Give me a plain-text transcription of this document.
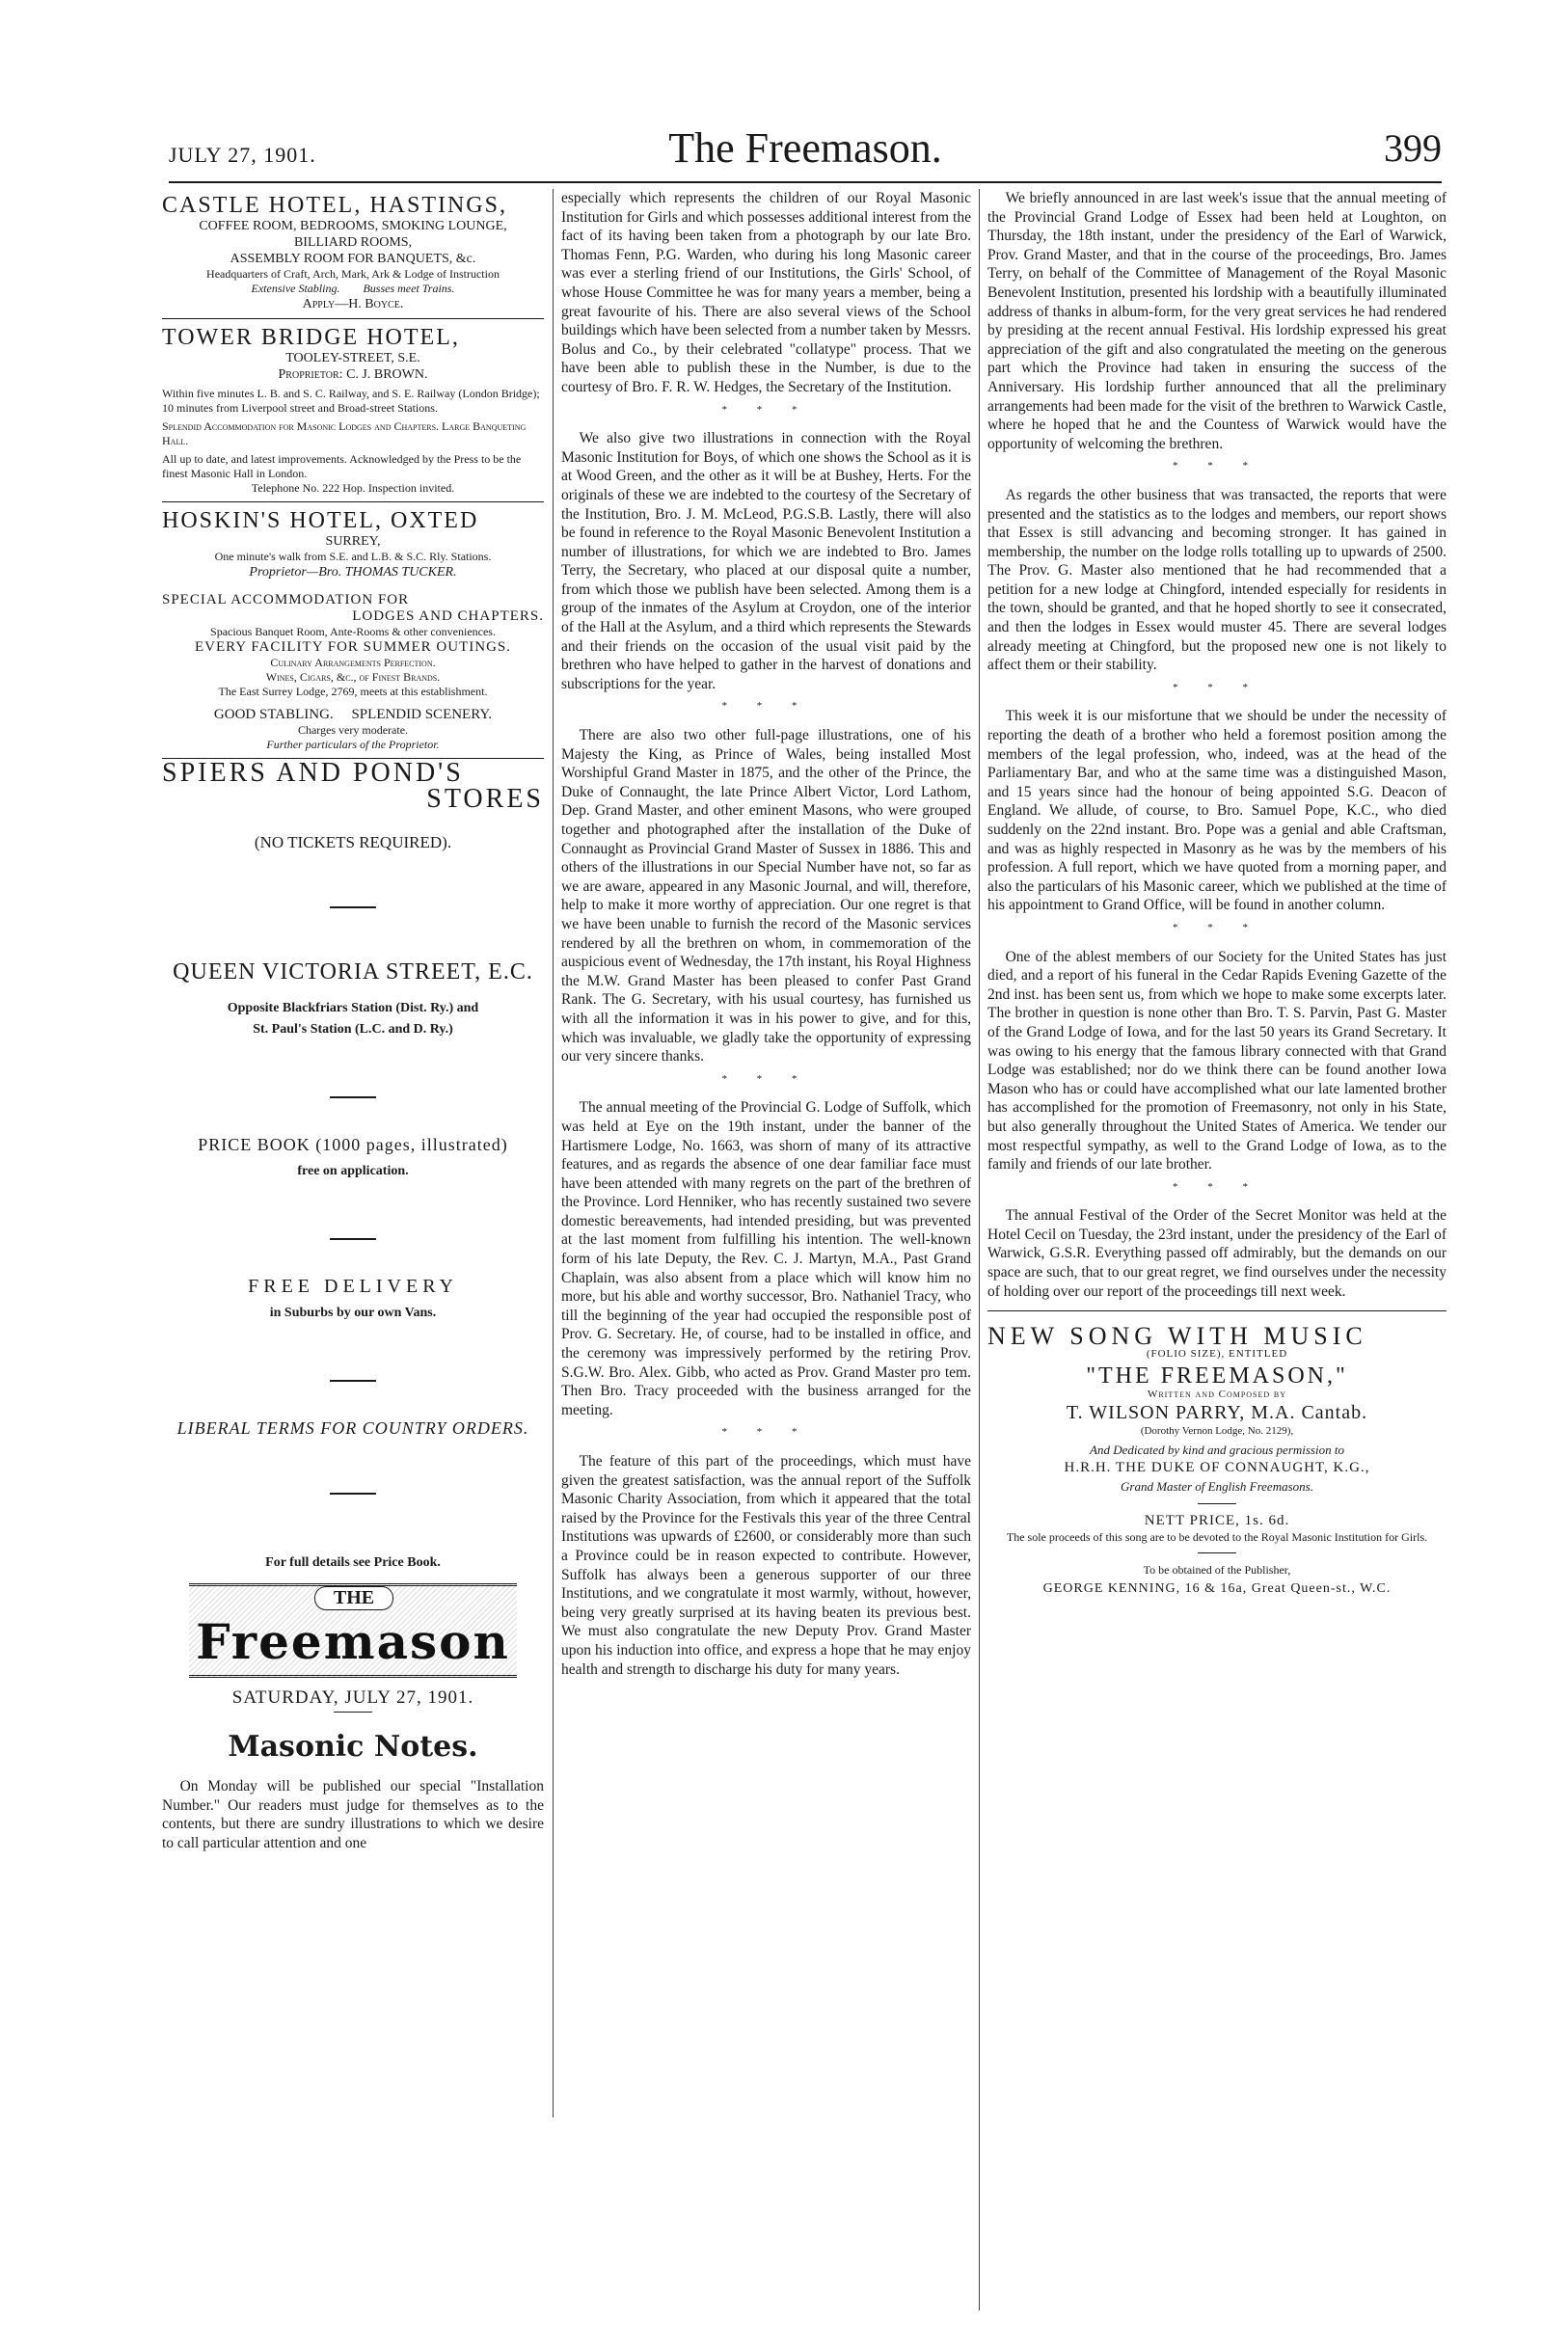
JULY 27, 1901.	The Freemason.	399
CASTLE HOTEL, HASTINGS,
COFFEE ROOM, BEDROOMS, SMOKING LOUNGE,
BILLIARD ROOMS,
ASSEMBLY ROOM FOR BANQUETS, &c.
Headquarters of Craft, Arch, Mark, Ark & Lodge of Instruction
Extensive Stabling.        Busses meet Trains.
Apply—H. Boyce.
TOWER BRIDGE HOTEL,
TOOLEY-STREET, S.E.
Proprietor: C. J. BROWN.
Within five minutes L. B. and S. C. Railway, and S. E. Railway (London Bridge); 10 minutes from Liverpool street and Broad-street Stations.
Splendid Accommodation for Masonic Lodges and Chapters. Large Banqueting Hall.
All up to date, and latest improvements. Acknowledged by the Press to be the finest Masonic Hall in London.
Telephone No. 222 Hop. Inspection invited.
HOSKIN'S HOTEL, OXTED
SURREY,
One minute's walk from S.E. and L.B. & S.C. Rly. Stations.
Proprietor—Bro. THOMAS TUCKER.
SPECIAL ACCOMMODATION FOR
LODGES AND CHAPTERS.
Spacious Banquet Room, Ante-Rooms & other conveniences.
EVERY FACILITY FOR SUMMER OUTINGS.
Culinary Arrangements Perfection.
Wines, Cigars, &c., of Finest Brands.
The East Surrey Lodge, 2769, meets at this establishment.
GOOD STABLING.     SPLENDID SCENERY.
Charges very moderate.
Further particulars of the Proprietor.
SPIERS AND POND'S
STORES
(NO TICKETS REQUIRED).
QUEEN VICTORIA STREET, E.C.
Opposite Blackfriars Station (Dist. Ry.) and
St. Paul's Station (L.C. and D. Ry.)
PRICE BOOK (1000 pages, illustrated)
free on application.
FREE DELIVERY
in Suburbs by our own Vans.
LIBERAL TERMS FOR COUNTRY ORDERS.
For full details see Price Book.
Freemason
THE
SATURDAY, JULY 27, 1901.
Masonic Notes.

On Monday will be published our special "Installation Number." Our readers must judge for themselves as to the contents, but there are sundry illustrations to which we desire to call particular attention and one

especially which represents the children of our Royal Masonic Institution for Girls and which possesses additional interest from the fact of its having been taken from a photograph by our late Bro. Thomas Fenn, P.G. Warden, who during his long Masonic career was ever a sterling friend of our Institutions, the Girls' School, of whose House Committee he was for many years a member, being a great favourite of his. There are also several views of the School buildings which have been selected from a number taken by Messrs. Bolus and Co., by their celebrated "collatype" process. That we have been able to publish these in the Number, is due to the courtesy of Bro. F. R. W. Hedges, the Secretary of the Institution.

* * *

We also give two illustrations in connection with the Royal Masonic Institution for Boys, of which one shows the School as it is at Wood Green, and the other as it will be at Bushey, Herts. For the originals of these we are indebted to the courtesy of the Secretary of the Institution, Bro. J. M. McLeod, P.G.S.B. Lastly, there will also be found in reference to the Royal Masonic Benevolent Institution a number of illustrations, for which we are indebted to Bro. James Terry, the Secretary, who placed at our disposal quite a number, from which those we publish have been selected. Among them is a group of the inmates of the Asylum at Croydon, one of the interior of the Hall at the Asylum, and a third which represents the Stewards and their friends on the occasion of the usual visit paid by the brethren who have helped to gather in the harvest of donations and subscriptions for the year.

* * *

There are also two other full-page illustrations, one of his Majesty the King, as Prince of Wales, being installed Most Worshipful Grand Master in 1875, and the other of the Prince, the Duke of Connaught, the late Prince Albert Victor, Lord Lathom, Dep. Grand Master, and other eminent Masons, who were grouped together and photographed after the installation of the Duke of Connaught as Provincial Grand Master of Sussex in 1886. This and others of the illustrations in our Special Number have not, so far as we are aware, appeared in any Masonic Journal, and will, therefore, help to make it more worthy of appreciation. Our one regret is that we have been unable to furnish the record of the Masonic services rendered by all the brethren on whom, in commemoration of the auspicious event of Wednesday, the 17th instant, his Royal Highness the M.W. Grand Master has been pleased to confer Past Grand Rank. The G. Secretary, with his usual courtesy, has furnished us with all the information it was in his power to give, and for this, which was invaluable, we gladly take the opportunity of expressing our very sincere thanks.

* * *

The annual meeting of the Provincial G. Lodge of Suffolk, which was held at Eye on the 19th instant, under the banner of the Hartismere Lodge, No. 1663, was shorn of many of its attractive features, and as regards the absence of one dear familiar face must have been attended with many regrets on the part of the brethren of the Province. Lord Henniker, who has recently sustained two severe domestic bereavements, had intended presiding, but was prevented at the last moment from fulfilling his intention. The well-known form of his late Deputy, the Rev. C. J. Martyn, M.A., Past Grand Chaplain, was also absent from a place which will know him no more, but his able and worthy successor, Bro. Nathaniel Tracy, who till the beginning of the year had occupied the responsible post of Prov. G. Secretary. He, of course, had to be installed in office, and the ceremony was impressively performed by the retiring Prov. S.G.W. Bro. Alex. Gibb, who acted as Prov. Grand Master pro tem. Then Bro. Tracy proceeded with the business arranged for the meeting.

* * *

The feature of this part of the proceedings, which must have given the greatest satisfaction, was the annual report of the Suffolk Masonic Charity Association, from which it appeared that the total raised by the Province for the Festivals this year of the three Central Institutions was upwards of £2600, or considerably more than such a Province could be in reason expected to contribute. However, Suffolk has always been a generous supporter of our three Institutions, and we congratulate it most warmly, without, however, being very greatly surprised at its having beaten its previous best. We must also congratulate the new Deputy Prov. Grand Master upon his induction into office, and express a hope that he may enjoy health and strength to discharge his duty for many years.

We briefly announced in are last week's issue that the annual meeting of the Provincial Grand Lodge of Essex had been held at Loughton, on Thursday, the 18th instant, under the presidency of the Earl of Warwick, Prov. Grand Master, and that in the course of the proceedings, Bro. James Terry, on behalf of the Committee of Management of the Royal Masonic Benevolent Institution, presented his lordship with a beautifully illuminated address of thanks in album-form, for the very great services he had rendered by presiding at the recent annual Festival. His lordship expressed his great appreciation of the gift and also congratulated the meeting on the generous part which the Province had taken in ensuring the success of the Anniversary. His lordship further announced that all the preliminary arrangements had been made for the visit of the brethren to Warwick Castle, where he hoped that he and the Countess of Warwick would have the opportunity of welcoming the brethren.

* * *

As regards the other business that was transacted, the reports that were presented and the statistics as to the lodges and members, our report shows that Essex is still advancing and becoming stronger. It has gained in membership, the number on the lodge rolls totalling up to upwards of 2500. The Prov. G. Master also mentioned that he had recommended that a petition for a new lodge at Chingford, intended especially for residents in the town, should be granted, and that he hoped shortly to see it consecrated, and then the lodges in Essex would muster 45. There are several lodges already meeting at Chingford, but the proposed new one is not likely to affect them or their stability.

* * *

This week it is our misfortune that we should be under the necessity of reporting the death of a brother who held a foremost position among the members of the legal profession, who, indeed, was at the head of the Parliamentary Bar, and who at the same time was a distinguished Mason, and 15 years since had the honour of being appointed S.G. Deacon of England. We allude, of course, to Bro. Samuel Pope, K.C., who died suddenly on the 22nd instant. Bro. Pope was a genial and able Craftsman, and was as highly respected in Masonry as he was by the members of his profession. A full report, which we have quoted from a morning paper, and also the particulars of his Masonic career, which we published at the time of his appointment to Grand Office, will be found in another column.

* * *

One of the ablest members of our Society for the United States has just died, and a report of his funeral in the Cedar Rapids Evening Gazette of the 2nd inst. has been sent us, from which we hope to make some excerpts later. The brother in question is none other than Bro. T. S. Parvin, Past G. Master of the Grand Lodge of Iowa, and for the last 50 years its Grand Secretary. It was owing to his energy that the famous library connected with that Grand Lodge was established; nor do we think there can be found another Iowa Mason who has or could have accomplished what our late lamented brother has accomplished for the promotion of Freemasonry, not only in his State, but also generally throughout the United States of America. We tender our most respectful sympathy, as well to the Grand Lodge of Iowa, as to the family and friends of our late brother.

* * *

The annual Festival of the Order of the Secret Monitor was held at the Hotel Cecil on Tuesday, the 23rd instant, under the presidency of the Earl of Warwick, G.S.R. Everything passed off admirably, but the demands on our space are such, that to our great regret, we find ourselves under the necessity of holding over our report of the proceedings till next week.

NEW SONG WITH MUSIC
(FOLIO SIZE), ENTITLED
"THE FREEMASON,"
Written and Composed by
T. WILSON PARRY, M.A. Cantab.
(Dorothy Vernon Lodge, No. 2129),
And Dedicated by kind and gracious permission to
H.R.H. THE DUKE OF CONNAUGHT, K.G.,
Grand Master of English Freemasons.
NETT PRICE, 1s. 6d.
The sole proceeds of this song are to be devoted to the Royal Masonic Institution for Girls.
To be obtained of the Publisher,
GEORGE KENNING, 16 & 16a, Great Queen-st., W.C.
